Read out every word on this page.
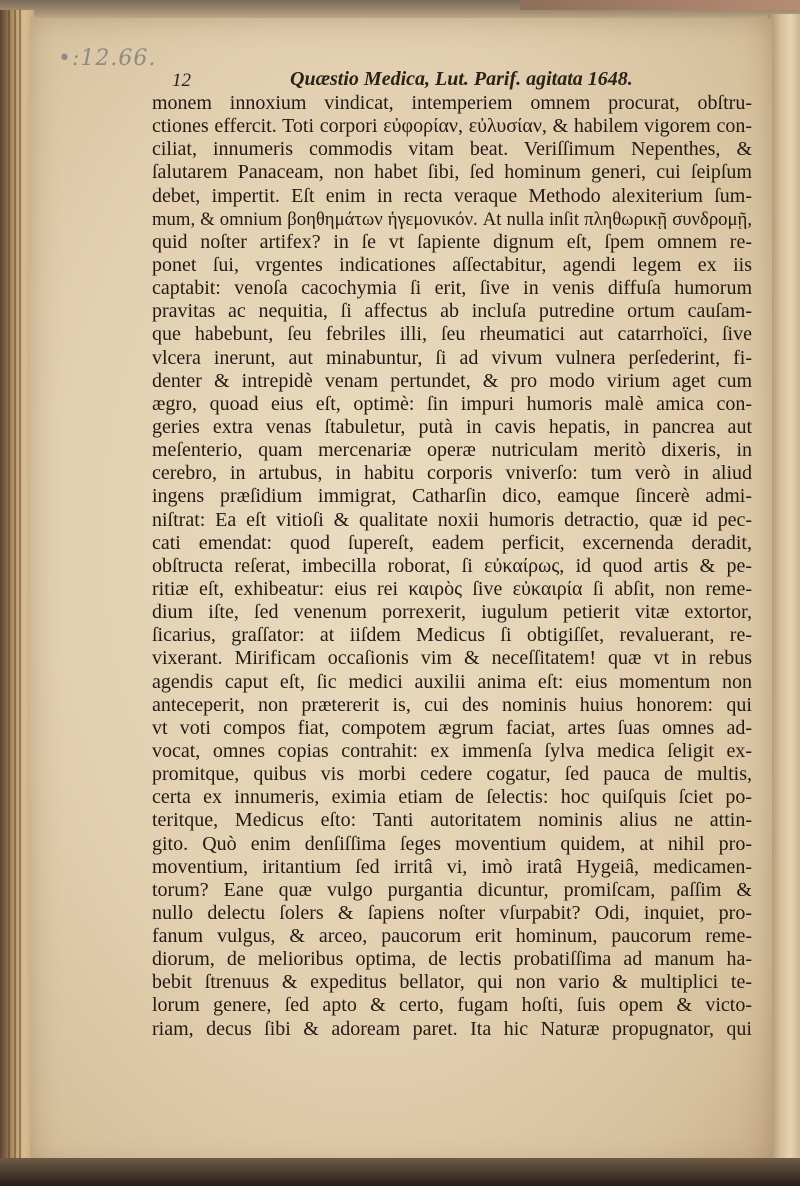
•:12.66.
12	Quæstio Medica, Lut. Parif. agitata 1648.
monem innoxium vindicat, intemperiem omnem procurat, obſtru-
ctiones effercit. Toti corpori εὐφορίαν, εὐλυσίαν, & habilem vigorem con-
ciliat, innumeris commodis vitam beat. Veriſſimum Nepenthes, &
ſalutarem Panaceam, non habet ſibi, ſed hominum generi, cui ſeipſum
debet, impertit. Eſt enim in recta veraque Methodo alexiterium ſum-
mum, & omnium βοηθημάτων ἡγεμονικόν. At nulla inſit πληθωρικῇ συνδρομῇ,
quid noſter artifex? in ſe vt ſapiente dignum eſt, ſpem omnem re-
ponet ſui, vrgentes indicationes aſſectabitur, agendi legem ex iis
captabit: venoſa cacochymia ſi erit, ſive in venis diffuſa humorum
pravitas ac nequitia, ſi affectus ab incluſa putredine ortum cauſam-
que habebunt, ſeu febriles illi, ſeu rheumatici aut catarrhoïci, ſive
vlcera inerunt, aut minabuntur, ſi ad vivum vulnera perſederint, fi-
denter & intrepidè venam pertundet, & pro modo virium aget cum
ægro, quoad eius eſt, optimè: ſin impuri humoris malè amica con-
geries extra venas ſtabuletur, putà in cavis hepatis, in pancrea aut
meſenterio, quam mercenariæ operæ nutriculam meritò dixeris, in
cerebro, in artubus, in habitu corporis vniverſo: tum verò in aliud
ingens præſidium immigrat, Catharſin dico, eamque ſincerè admi-
niſtrat: Ea eſt vitioſi & qualitate noxii humoris detractio, quæ id pec-
cati emendat: quod ſupereſt, eadem perficit, excernenda deradit,
obſtructa reſerat, imbecilla roborat, ſi εὐκαίρως, id quod artis & pe-
ritiæ eſt, exhibeatur: eius rei καιρὸς ſive εὐκαιρία ſi abſit, non reme-
dium iſte, ſed venenum porrexerit, iugulum petierit vitæ extortor,
ſicarius, graſſator: at iiſdem Medicus ſi obtigiſſet, revaluerant, re-
vixerant. Mirificam occaſionis vim & neceſſitatem! quæ vt in rebus
agendis caput eſt, ſic medici auxilii anima eſt: eius momentum non
anteceperit, non prætererit is, cui des nominis huius honorem: qui
vt voti compos fiat, compotem ægrum faciat, artes ſuas omnes ad-
vocat, omnes copias contrahit: ex immenſa ſylva medica ſeligit ex-
promitque, quibus vis morbi cedere cogatur, ſed pauca de multis,
certa ex innumeris, eximia etiam de ſelectis: hoc quiſquis ſciet po-
teritque, Medicus eſto: Tanti autoritatem nominis alius ne attin-
gito. Quò enim denſiſſima ſeges moventium quidem, at nihil pro-
moventium, iritantium ſed irritâ vi, imò iratâ Hygeiâ, medicamen-
torum? Eane quæ vulgo purgantia dicuntur, promiſcam, paſſim &
nullo delectu ſolers & ſapiens noſter vſurpabit? Odi, inquiet, pro-
fanum vulgus, & arceo, paucorum erit hominum, paucorum reme-
diorum, de melioribus optima, de lectis probatiſſima ad manum ha-
bebit ſtrenuus & expeditus bellator, qui non vario & multiplici te-
lorum genere, ſed apto & certo, fugam hoſti, ſuis opem & victo-
riam, decus ſibi & adoream paret. Ita hic Naturæ propugnator, qui
